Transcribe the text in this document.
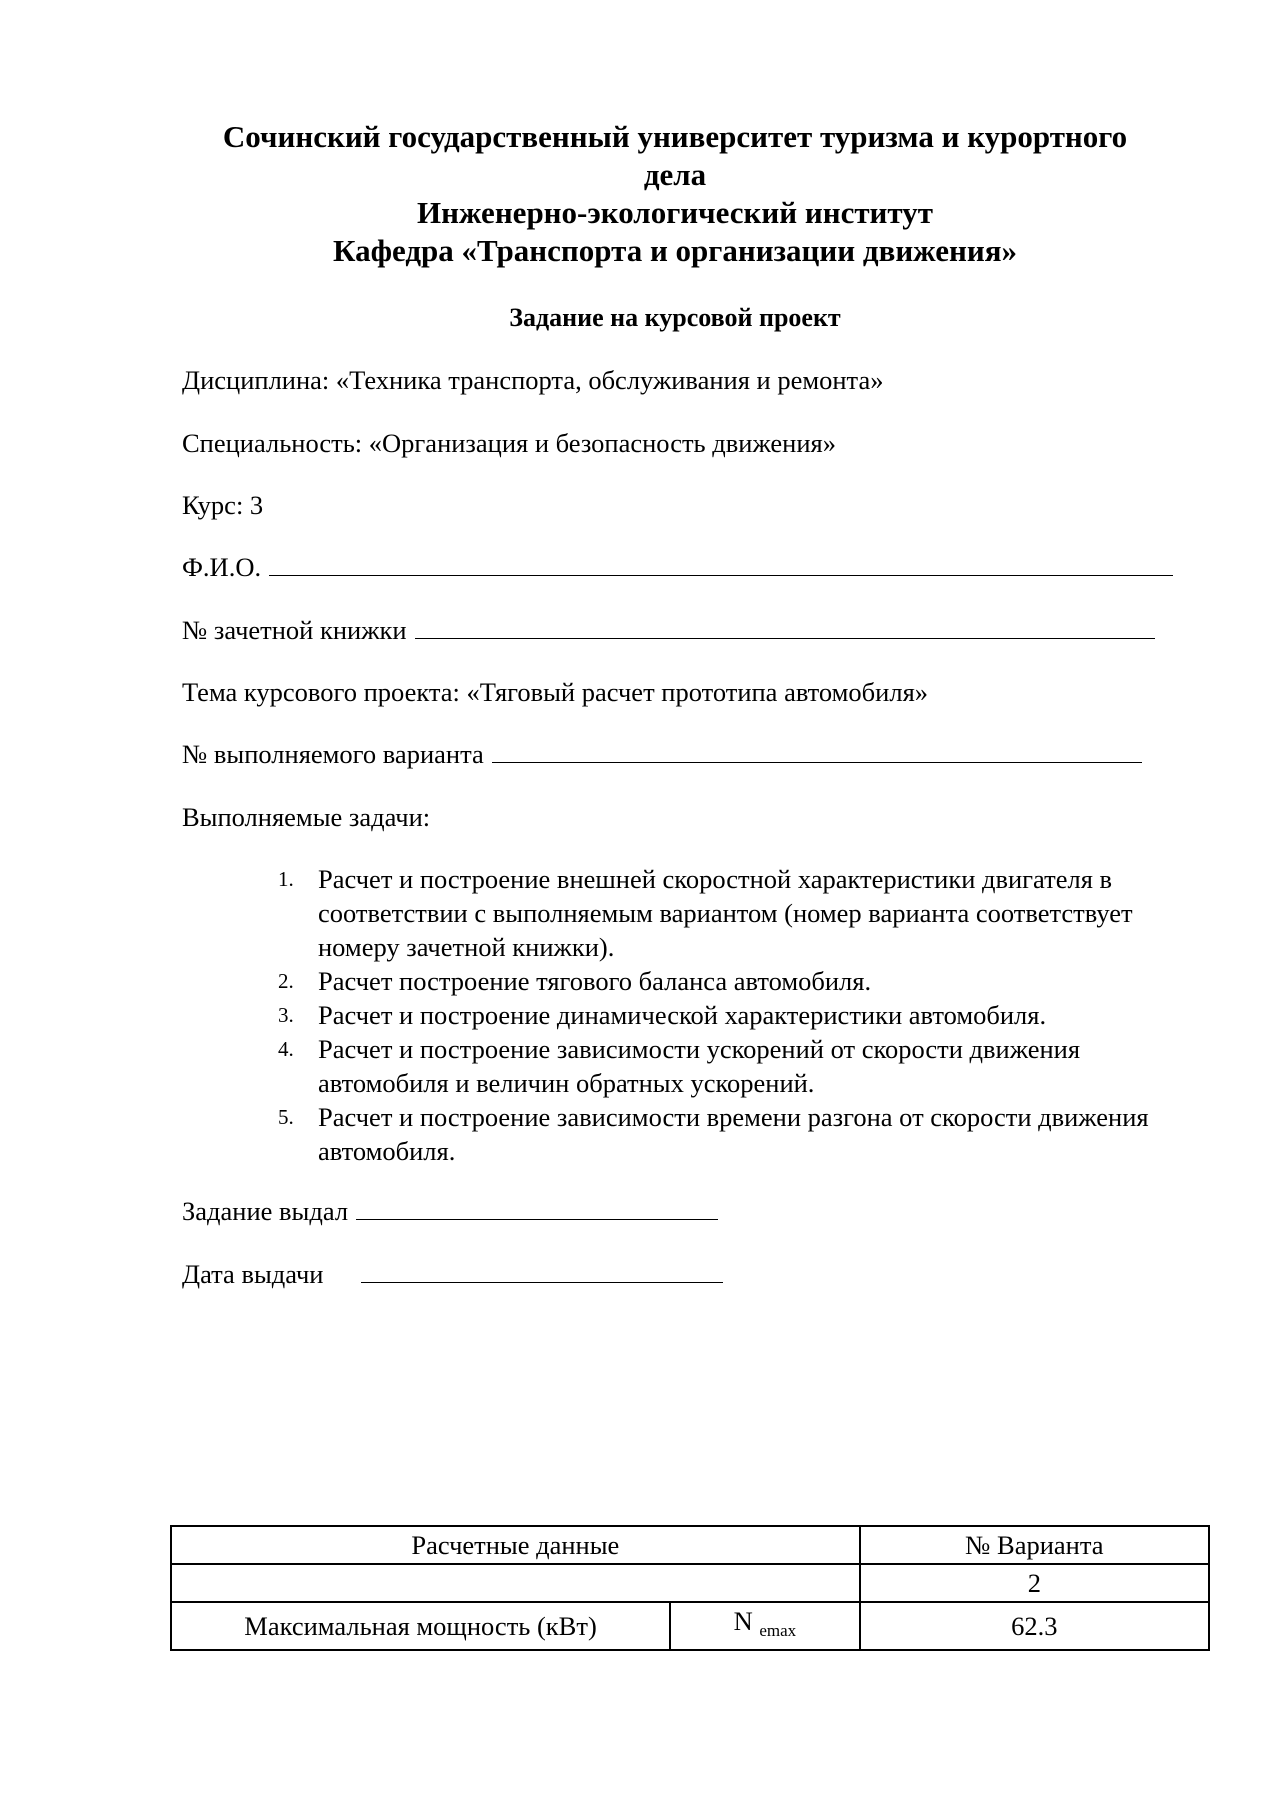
Сочинский государственный университет туризма и курортного
дела
Инженерно-экологический институт
Кафедра «Транспорта и организации движения»
Задание на курсовой проект
Дисциплина: «Техника транспорта, обслуживания и ремонта»
Специальность: «Организация и безопасность движения»
Курс: 3
Ф.И.О.
№ зачетной книжки
Тема курсового проекта: «Тяговый расчет прототипа автомобиля»
№ выполняемого варианта
Выполняемые задачи:
1. Расчет и построение внешней скоростной характеристики двигателя в соответствии с выполняемым вариантом (номер варианта соответствует номеру зачетной книжки).
2. Расчет построение тягового баланса автомобиля.
3. Расчет и построение динамической характеристики автомобиля.
4. Расчет и построение зависимости ускорений от скорости движения автомобиля и величин обратных ускорений.
5. Расчет и построение зависимости времени разгона от скорости движения автомобиля.
Задание выдал
Дата выдачи
Расчетные данные		№ Варианта
		2
Максимальная мощность (кВт)	N $_{emax}$	62.3
